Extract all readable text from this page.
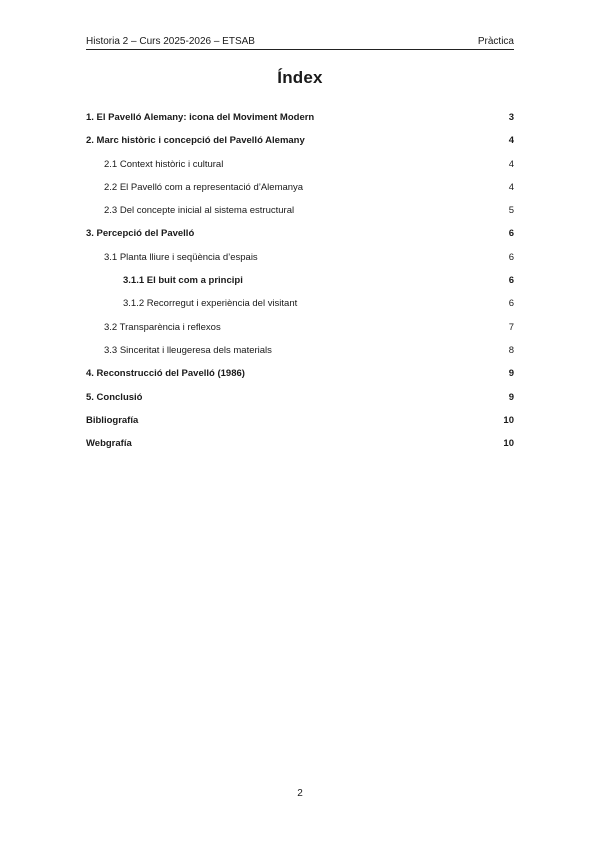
Historia 2 – Curs 2025-2026 – ETSAB	Pràctica
Índex
1. El Pavelló Alemany: icona del Moviment Modern	3
2. Marc històric i concepció del Pavelló Alemany	4
2.1 Context històric i cultural	4
2.2 El Pavelló com a representació d’Alemanya	4
2.3 Del concepte inicial al sistema estructural	5
3. Percepció del Pavelló	6
3.1 Planta lliure i seqüència d’espais	6
3.1.1 El buit com a principi	6
3.1.2 Recorregut i experiència del visitant	6
3.2 Transparència i reflexos	7
3.3 Sinceritat i lleugeresa dels materials	8
4. Reconstrucció del Pavelló (1986)	9
5. Conclusió	9
Bibliografía	10
Webgrafía	10
2
